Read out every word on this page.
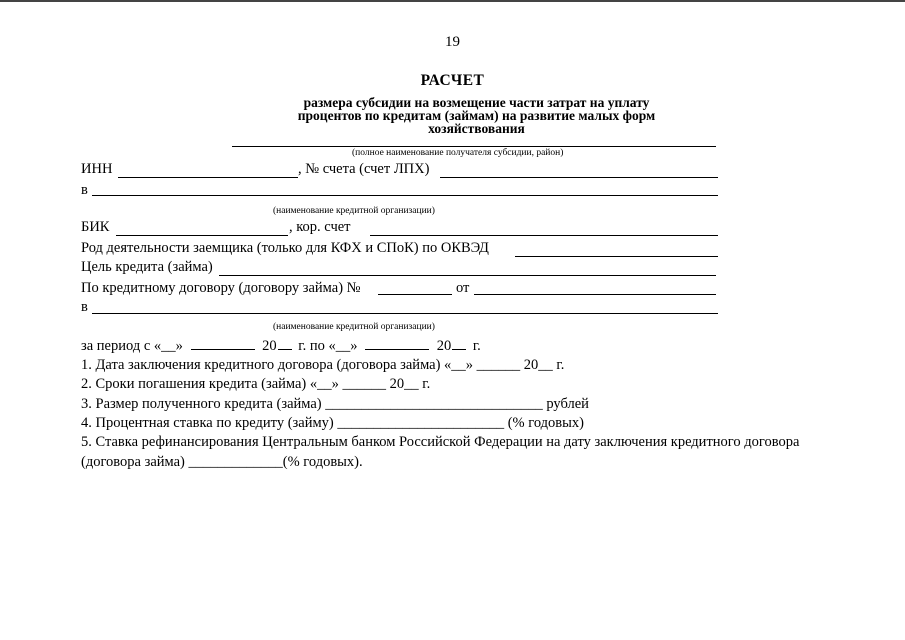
19
РАСЧЕТ
размера субсидии на возмещение части затрат на уплату
процентов по кредитам (займам) на развитие малых форм
хозяйствования
(полное наименование получателя субсидии, район)
ИНН	, № счета (счет ЛПХ)
в
(наименование кредитной организации)
БИК	, кор. счет
Род деятельности заемщика (только для КФХ и СПоК) по ОКВЭД
Цель кредита (займа)
По кредитному договору (договору займа) №	от
в
(наименование кредитной организации)
за период с «__»	20 г. по «__»	20 г.
1. Дата заключения кредитного договора (договора займа) «__» ______ 20__ г.
2. Сроки погашения кредита (займа) «__» ______ 20__ г.
3. Размер полученного кредита (займа) ______________________________ рублей
4. Процентная ставка по кредиту (займу) _______________________ (% годовых)
5. Ставка рефинансирования Центральным банком Российской Федерации на дату заключения кредитного договора
(договора займа) _____________(% годовых).
